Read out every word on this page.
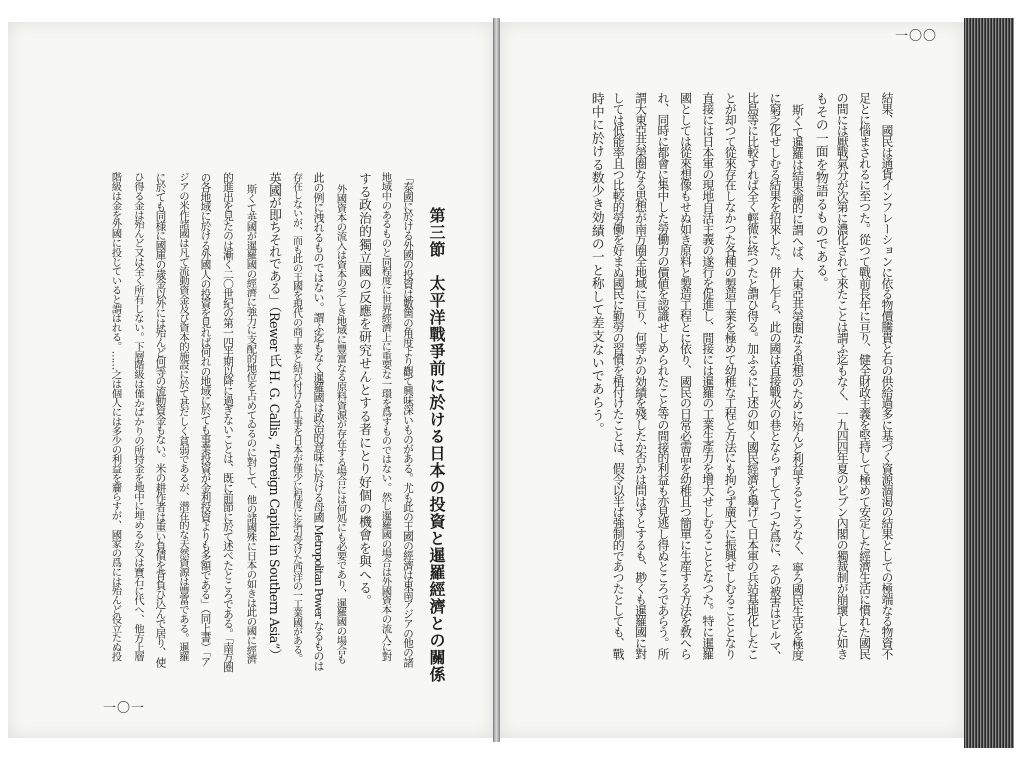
第三節　太平洋戰爭前に於ける日本の投資と暹羅經濟との關係
「泰國に於ける外國の投資は數箇の角度より觀て興味深いものがある。尤も此の王國の經濟は東南アジアの他の諸
地域中のあるものと同程度に世界經濟上に重要な一環を爲すものではない。然し暹羅國の場合は外國資本の流入に對
する政治的獨立國の反應を研究せんとする者にとり好個の機會を與へる。
外國資本の流入は資本の乏しき地域に豐富なる原料資源が存在する場合には何処にも必要であり、暹羅國の場合も
此の例に洩れるものではない。謂ふ迄もなく暹羅國は政治的意味に於ける母國 Metropolitan Power なるものは
存在しないが、而も此の王國を現代の商工業と結び付ける仕事を日本が僅少に程度に迄引受けた西洋の一工業國がある。
英國が即ちそれである」（Rewer 氏 H. G. Callis, “Foreign Capital in Southern Asia”）
斯くて英國が暹羅國の經濟に強力に支配的地位を占めてゐるのに對して、他の諸國殊に日本の如きは此の國に經濟
的進出を見たのは漸く二〇世紀の第一四半期以降に過ぎないことは、既に前節に於て述べたところである。「南方圈
の各地域に於ける外國人の投資を見れば何れの地域に於ても事業投資が金利投資よりも多額である」（同上書）「ア
ジアの米作諸國は凡て流動資金及び資本的施設に於て甚だしく貧弱であるが、潜在的な天然資源は豐富である。暹羅
に於ても同様に國庫の歲金以外には殆んど何等の流動資金もない。米の耕作者は重い負債を背負ひ込んで居り、使
ひ得る金は殆んど又は全く所有しない。下層階級は僅かばかりの所持金を地中に埋めるか又は寶石に代へ、他方上層
階級は金を外國に投じていると謂はれる。……之は個人には多少の利益を齎らすが、國家の爲には殆んど役立たぬ投
一〇一
結果、國民は通貨インフレーションに依る物價騰貴と右の供給過多に基づく資源涸渇の結果としての極端なる物資不
足とに惱まされるに至つた。從つて戰前長年に亘り、健全財政主義を堅持して極めて安定した經濟生活に慣れた國民
の間には厭戰氣分が次第に濃化されて來たことは謂ふ迄もなく、一九四四年夏のピブン內閣の獨裁制が崩壞した如き
もその一面を物語るものである。
斯くて暹羅は結果論的に謂へば、大東亞共榮圈なる思想のために殆んど利益するところなく、寧ろ國民生活を極度
に窮乏化せしむる結果を招來した。併し乍ら、此の國は直接戰火の巷となら ずして了つた爲に、その被害はビルマ、
比島等に比較すれば全く輕微に終つたと謂ひ得る。加ふるに上述の如く國民經濟を擧げて日本軍の兵站基地化したこ
とが却つて從來存在しなかつた各種の製造工業を極めて幼稚な工程と方法にも拘らず廣大に振興せしむることとなり
直接には日本軍の現地自活主義の遂行を促進し、間接には暹羅の工業生產力を增大せしむることとなつた。特に暹羅
國としては從來想像もせぬ如き原料と製造工程とに依り、國民の日常必需品を幼稚且つ簡單に生産する方法を敎へら
れ、同時に都會に集中した勞働力の價値を認識せしめられたこと等の間接的利益も亦見逃し得ぬところであらう。所
謂大東亞共榮圈なる思想が南方圈全地域に亘り、何等かの効績を殘したか否かは問はずとするも、尠くも暹羅國に對
しては低能率且つ比較的勞働を好まぬ國民に勤勞の習慣を植付けたことは、假令以半ば強制的であつたとしても、戰
時中に於ける数少き効績の一と称して差支ないであらう。
一〇〇
